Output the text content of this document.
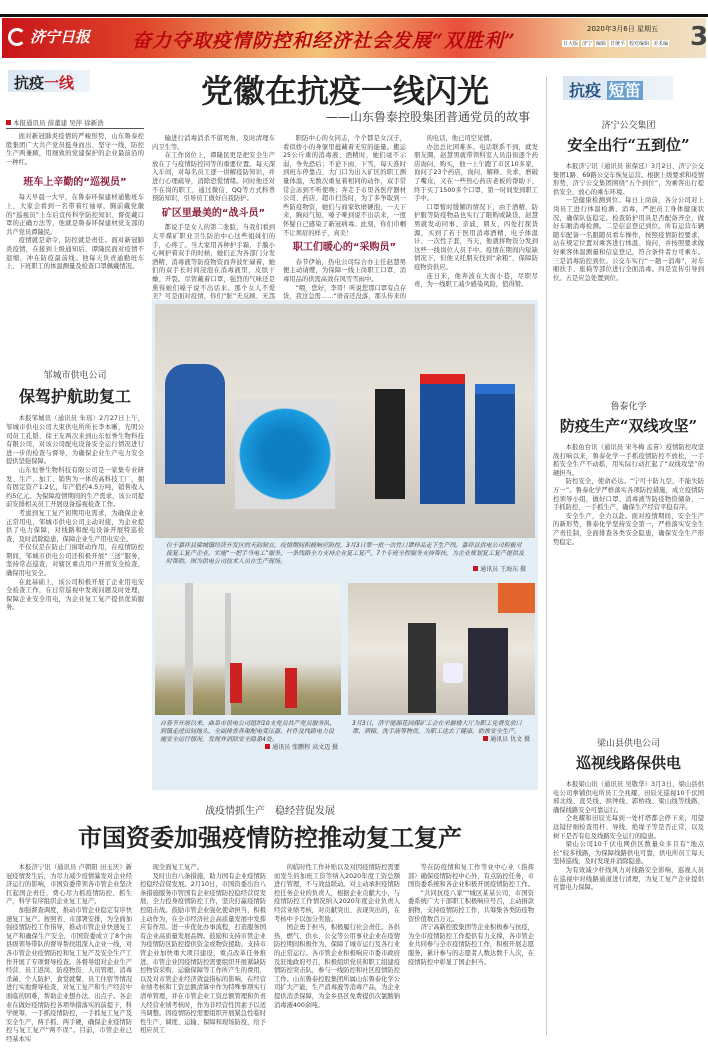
济宁日报 奋力夺取疫情防控和经济社会发展“双胜利”
2020年3月6日 星期五
日大版 济宁 编辑 日统平 校对编辑 美术编 3
抗疫一线
本报通讯员 薛董建 吴萍 徐新浩

面对新冠肺炎疫情的严峻形势，山东鲁泰控股集团广大共产党员挺身而出、坚守一线，防控生产两兼顾，用细致的党建保护的企业最前沿的一种红。

班车上辛勤的“巡视员”

每天早晨一大早，在鲁泰环保建材通勤班车上，大家会看到一名带着红袖章，胸前戴党徽的“巡视员”上车后宣传科学防控知识、督促戴口罩的正确方法等，他就是鲁泰环保建材党支部的共产党员谭隆民。

疫情就是命令，防控就是责任。面对新冠肺炎疫情，在接到上级通知后，谭隆民面对疫情不退缩，冲在防疫最前线。他每天负责通勤班车上、下班职工的体温测量及检查口罩佩戴情况。

邹城市供电公司
保驾护航助复工

本报邹城讯（通讯员 朱瑶）2月27日上午，邹城市供电公司大束供电所所长李本晰、光明公司员工孔韬、徐王友两次来到山东恒誉生物科技有限公司，对该公司配电设备安全运行情况进行进一步的检查与督导，为确保企业生产电力安全提供坚强保障。

山东恒誉生物科技有限公司是一家集专业研发、生产、加工、销售为一体的高科技工厂，拥有固定资产1.2亿，年产值约4.5万吨，销售收入约5亿元。为保障疫情期间的生产需求，该公司提前安排相关员工开展设备巡视检查工作。

考虑到复工复产初期用电需求，为确保企业正常用电，邹城市供电公司主动对接，为企业提供了电力保障，对线路和配电设备开展特巡检查，及时消除隐患，保障企业生产用电安全。

不仅仅是在防止门窗联动作用，在疫情防控期间，邹城市供电公司还积极开展“三送”服务，坚持常态巡查，对辖区重点用户开展安全检查，确保用电安全。

在此基础上，该公司积极开展了企业用电安全检查工作，在日常巡视中发现问题及时处理，保障企业安全用电，为企业复工复产提供优质服务。

党徽在抗疫一线闪光
——山东鲁泰控股集团普通党员的故事

输进行消毒消杀不留死角，及时清理车内卫生等。

在工作岗位上，谭隆民更是把安全生产放在了与疫情防控同等的重要位置。每天深入车间，对每名员工逐一讲解疫防知识，并进行心理疏导，消除恐慌情绪。同时他还对不在岗的职工，通过微信、QQ等方式科普预防知识，引导员工做好自我防护。

矿区里最美的“战斗员”

都说手是女人的第二张脸，当我们看到太平煤矿职业卫生防治中心这些姐妹们的手，心疼了。当大家用各种护手霜、手膜小心呵护着双手的时候，她们正为各部门分发酒精、消毒液等防疫物资而奔波忙碌着，她们的双手长时间浸泡在消毒液里，皮肤干燥、开裂。尽管戴着口罩，强烈的气味还是熏得她们嗓子说不出话来。那个女人不爱美？可是面对疫情，你们“脏”无反顾、无怨

职防中心的女同志，个个都是女汉子，看似娇小的身躯里蕴藏着无穷的能量。搬运25公斤重的消毒液、酒精时，她们毫不示弱，争先恐后；不论下雨、下雪，每天准时到班车停靠点、大门口为出入矿区的职工测量体温，无数次重复着相同的动作，双手常常会冻到不听使唤；奔走于市里各医疗器材公司、药店、超市扫货时，为了多争取到一些防疫物资，她们与商家软磨硬泡，一天下来，胸闷气短，嗓子哑到说不出话来，一度怀疑自己感染了新冠病毒。此刻，你们巾帼不让须眉的样子，真美！

职工们暖心的“采购员”

春节伊始，热电公司综合办主任赵慧男便主动请缨，为保障一线上岗职工口罩、消毒用品的供需高效在风雪雪雨中。

“喂，您好，李哥！听说您那口罩有点存货，我这急需……”语音还没落，那头传来的

的电话，他已司空见惯。

办法总比困难多。电话联系不到，就发朋友圈，赵慧男就带领科室人员沿街逐个药店询问、购买，他一上午跑了市区10多家，询问了23个药店，询问、解释、央求，磨破了嘴皮，又在一些热心药店老板的帮助下，终于买了1500多个口罩，第一时间发到职工手中。

口罩暂时缓解的情况下，由于酒精、防护服等防疫物品也实行了限购或缺货，赵慧男就发动同事、亲戚、朋友，四处打探货源，买到了若干医用消毒酒精、电子体温计、一次性手套，当天，他就将物资分发到这些一线岗位人员手中。疫情在期间内短缺情况下，但他又托朋友找到“余粮”，保障防疫物资供应。

连日来，他奔波在大街小巷，尽职尽责，为一线职工减少感染风险，值得赞。

位于嘉祥县梁城镇经济开发区的天韵制衣，疫情期间积极响应防控，3月3日第一批一次性口罩样品走下生产线。嘉祥县供电公司积极对接复工复产企业，实施“一把手当电工”服务，一条线路全力支持企业复工复产，7个专班全程服务支持帮扶，为企业规划复工复产提供及时帮助。图为供电公司技术人员在生产现场。
通讯员 王海东 摄
自春节开展以来，曲阜市供电公司组织10支党员共产党员服务队，到镇走进田间地头，全面排查各渠配电变压器、杆件及线路电力设施安全运行情况，发现并消除安全隐患4处。
通讯员 张鹏程 高文迈 摄
3月3日，济宁能源花园煤矿工会在采掘楼大厅为职工免费发放口罩、酒精、洗手液等物资，为职工送去了健康，助推安全生产。
通讯员 仇文 摄
抗疫 短笛
济宁公交集团
安全出行“五到位”

本报济宁讯（通讯员 崔保廷）3月2日，济宁公交集团1路、69路公交车恢复运营。根据上级要求和疫情形势，济宁公交集团围绕“五个到位”，为乘客出行提供安全、放心的乘车环境。

一是健康检测到位。每日上岗前，各分公司对上岗员工进行体温检测、消毒，严把员工身体健康状况，确保队伍稳定。检查防护用具是否配备齐全，做好车厢消毒检测。二是信息登记到位。所有运营车辆随车配备一名跟随员看车操作，按照疫情防控要求，站在规定位置对乘客进行体温、询问，并按照要求做好乘客体温测量和信息登记，符合条件者方可乘车。三是消毒防控到位。公交车实行“一趟一消毒”，对车厢扶手、座椅等部位进行全面消毒。四是宣传引导到位。五是应急处置到位。

鲁泰化学
防疫生产“双线攻坚”

本报鱼台讯（通讯员 宋冬梅 孟苗）疫情防控攻坚战打响以来，鲁泰化学一手抓疫情防控不放松，一手抓安全生产不动摇，用实际行动扛起了“双线攻坚”的硬担当。

防控安全，使命必达。“宁可十防九空，不能失防万一”。鲁泰化学严格落实各项防控措施，成立疫情防控领导小组，做好口罩、消毒液等防疫物资储备，一手抓防控、一手抓生产，确保生产经营平稳有序。

安全生产，全力以赴。面对疫情期间，安全生产的新形势，鲁泰化学坚持安全第一，严格落实安全生产责任制，全面排查各类安全隐患，确保安全生产形势稳定。

梁山县供电公司
巡视线路保供电

本报梁山讯（通讯员 吴敬华）3月3日，梁山县供电公司拳铺供电所员工仝兆耀、田辰光巡视10千伏国邢北线、直昊线、拱钟线、郭桥线、梁山线等线路，确保线路安全可靠运行。

仝兆耀和田辰光每到一处杆塔都会停下来，用望远镜仔细检查用杆、导线、绝缘子等是否正常，以及树下是否有危及线路安全运行的隐患。

梁山公司10千伏电网供区数量众多且有“地点长”较多线路，为保障线路供电可靠，供电所员工每天坚持巡线，及时发现并消除隐患。

为有效减少杆线风力对线路安全影响，巡视人员在巡视中对线路通道进行清理，为复工复产企业提供可靠电力保障。

战疫情抓生产　稳经营促发展
市国资委加强疫情防控推动复工复产

本报济宁讯（通讯员 卢朝阳 田玉庆）新冠疫情发生后，为尽力减少疫情暴发对企业经济运行的影响，市国资委带领各市管企业坚决扛起国企责任，费心尽力抓疫情防控、抓生产，科学有序组织企业复工复产。

加强督查调度，推动市管企业稳定有序快速复工复产。按照省、市部署安排，为全面加强疫情防控工作指导，推动市管企业快速复工复产和确保生产安全，市国资委成立了8个由县级领导带队的督导帮扶组深入企业一线，对各市管企业疫情防控和复工复产及安全生产工作开展了专项督导检查。各督导组对企业生产经营、员工返岗、防疫物资、人员管理、消毒杀菌、个人防护、食堂就餐、员工住宿等情况进行实地督导检查，对复工复产和生产经营中面临的困难，帮助企业想办法、出点子。各企业在做好疫情防控各项举措落实的前提下，科学统筹，一手抓疫情防控，一手抓复工复产及安全生产，两手抓、两手硬，确保企业疫情防控与复工复产“两不误”。目前，市管企业已经基本实

现全面复工复产。

及时出台八条措施，助力国有企业疫情防控稳经营促发展。2月10日，市国资委出台八条措施服务市管国有企业疫情防控稳经营促发展，全力投身疫情防控工作，坚决打赢疫情防控阻击战。鼓励市管企业强化使命担当，积极主动作为，在全市经济社会高质量发展中发挥应有作用。进一步优化办事流程，打造服务国有企业高质量发展品牌。鼓励和支持市管企业为疫情防区防控提供资金或物资援助。支持市管企业加快重大项目建设，重点改革任务推进。市管企业因疫情防控需要组织开展紧缺防控物资采购、运输保障等工作所产生的费用，以及对市管企业经济效益指标的影响，在经营业绩考核和工资总额清算中作为特殊事项实行清单管理，并在市管企业工资总额管理和负责人经营业绩考核时，作为非经营性因素予以适当调整。因疫情防控需要组织开展紧急性临时性生产、调度、运输、保障和现场防疫，给予相应员工

的临时性工作补贴以及对因疫情防控需要而发生的加班工资等纳入2020年度工资总额进行管理，不与效益联动。对主动承担疫情防控任务企业的负责人，根据企业贡献大小，与疫情防控工作情况纳入2020年度企业负责人经营业绩考核，对贡献突出、表现突出的，在考核中予以加分奖励。

国企勇于担当，积极履行社会责任。各供热、燃气、供水、公交等公用事业企业在疫情防控期间积极作为，保障了城市运行及各行业的正常运行。各市管企业积极响应市委市政府及驻地政府号召，积极组织党员和职工组建疫情防控突击队，参与一线防控和社区疫情防控工作。山东鲁泰控股集团所属山东鲁泰化学公司扩大产能，生产消毒液等消毒产品，为企业提供消杀保障，为金乡县区免费提供次氯酸钠消毒液400余吨。

等在防疫情和复工作等业中心业（指挥部）确保疫情防控中心外，有点防控任务，市国资委系统和各企业积极开展疫情防控工作。

“共同抗疫八家””城区某某公司，市国资委系统广大干部职工积极响应号召，主动捐款捐物，支持疫情防控工作，共筹集各类防疫物资价值数百万元。

济宁高新控股集团等企业积极参与抗疫，为全市疫情防控工作提供有力支撑，各市管企业共同参与全市疫情防控工作，积极开展志愿服务，累计参与的志愿者人数达数千人次，在疫情防控中彰显了国企担当。
